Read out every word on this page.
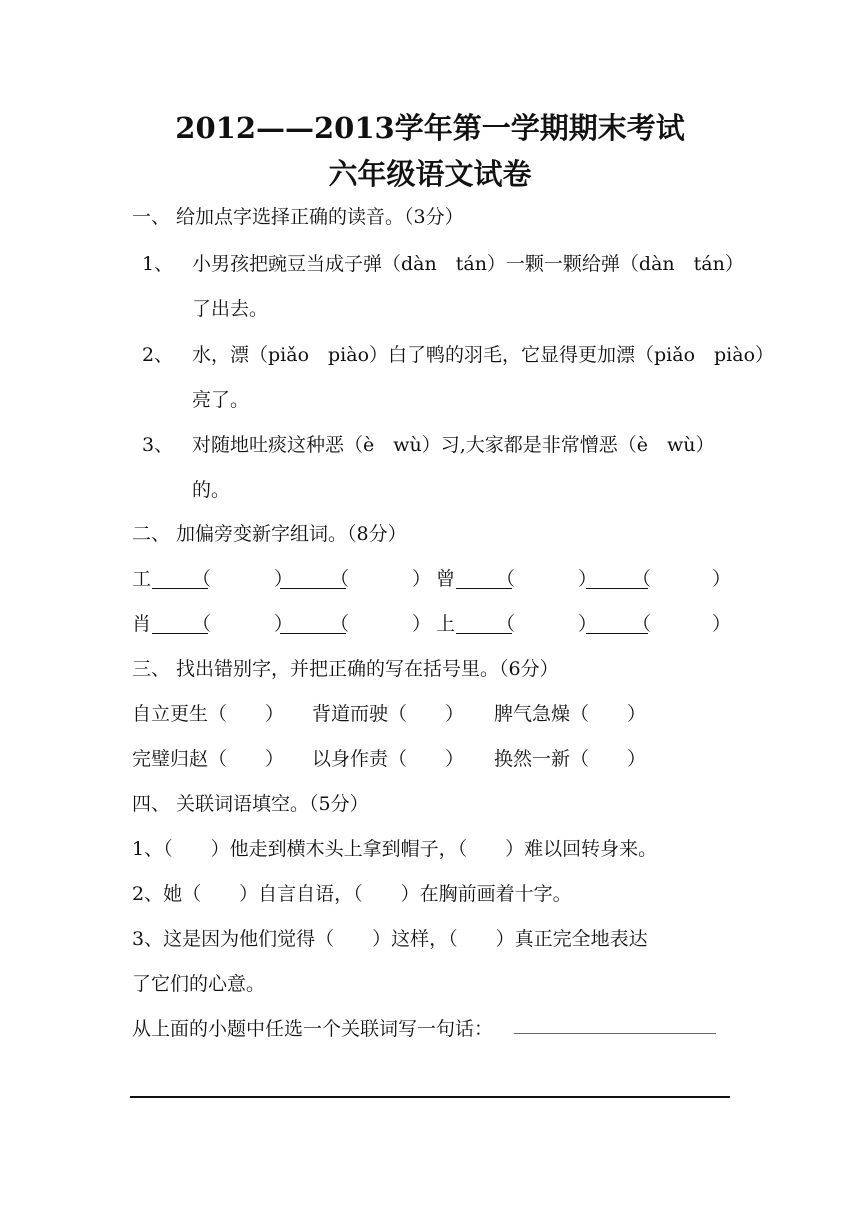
2012——2013学年第一学期期末考试
六年级语文试卷
一、 给加点字选择正确的读音。（3分）
1、 小男孩把豌豆当成子弹（dàn　tán）一颗一颗给弹（dàn　tán）
了出去。
2、 水，漂（piǎo　piào）白了鸭的羽毛，它显得更加漂（piǎo　piào）
亮了。
3、 对随地吐痰这种恶（è　wù）习,大家都是非常憎恶（è　wù）
的。
二、 加偏旁变新字组词。（8分）
工 （	） （	） 曾 （	） （	）
肖 （	） （	） 上 （	） （	）
三、 找出错别字，并把正确的写在括号里。（6分）
自立更生（　　） 背道而驶（　　） 脾气急燥（　　）
完璧归赵（　　） 以身作责（　　） 换然一新（　　）
四、 关联词语填空。（5分）
1、（　　）他走到横木头上拿到帽子，（　　）难以回转身来。
2、她（　　）自言自语，（　　）在胸前画着十字。
3、这是因为他们觉得（　　）这样，（　　）真正完全地表达
了它们的心意。
从上面的小题中任选一个关联词写一句话：
